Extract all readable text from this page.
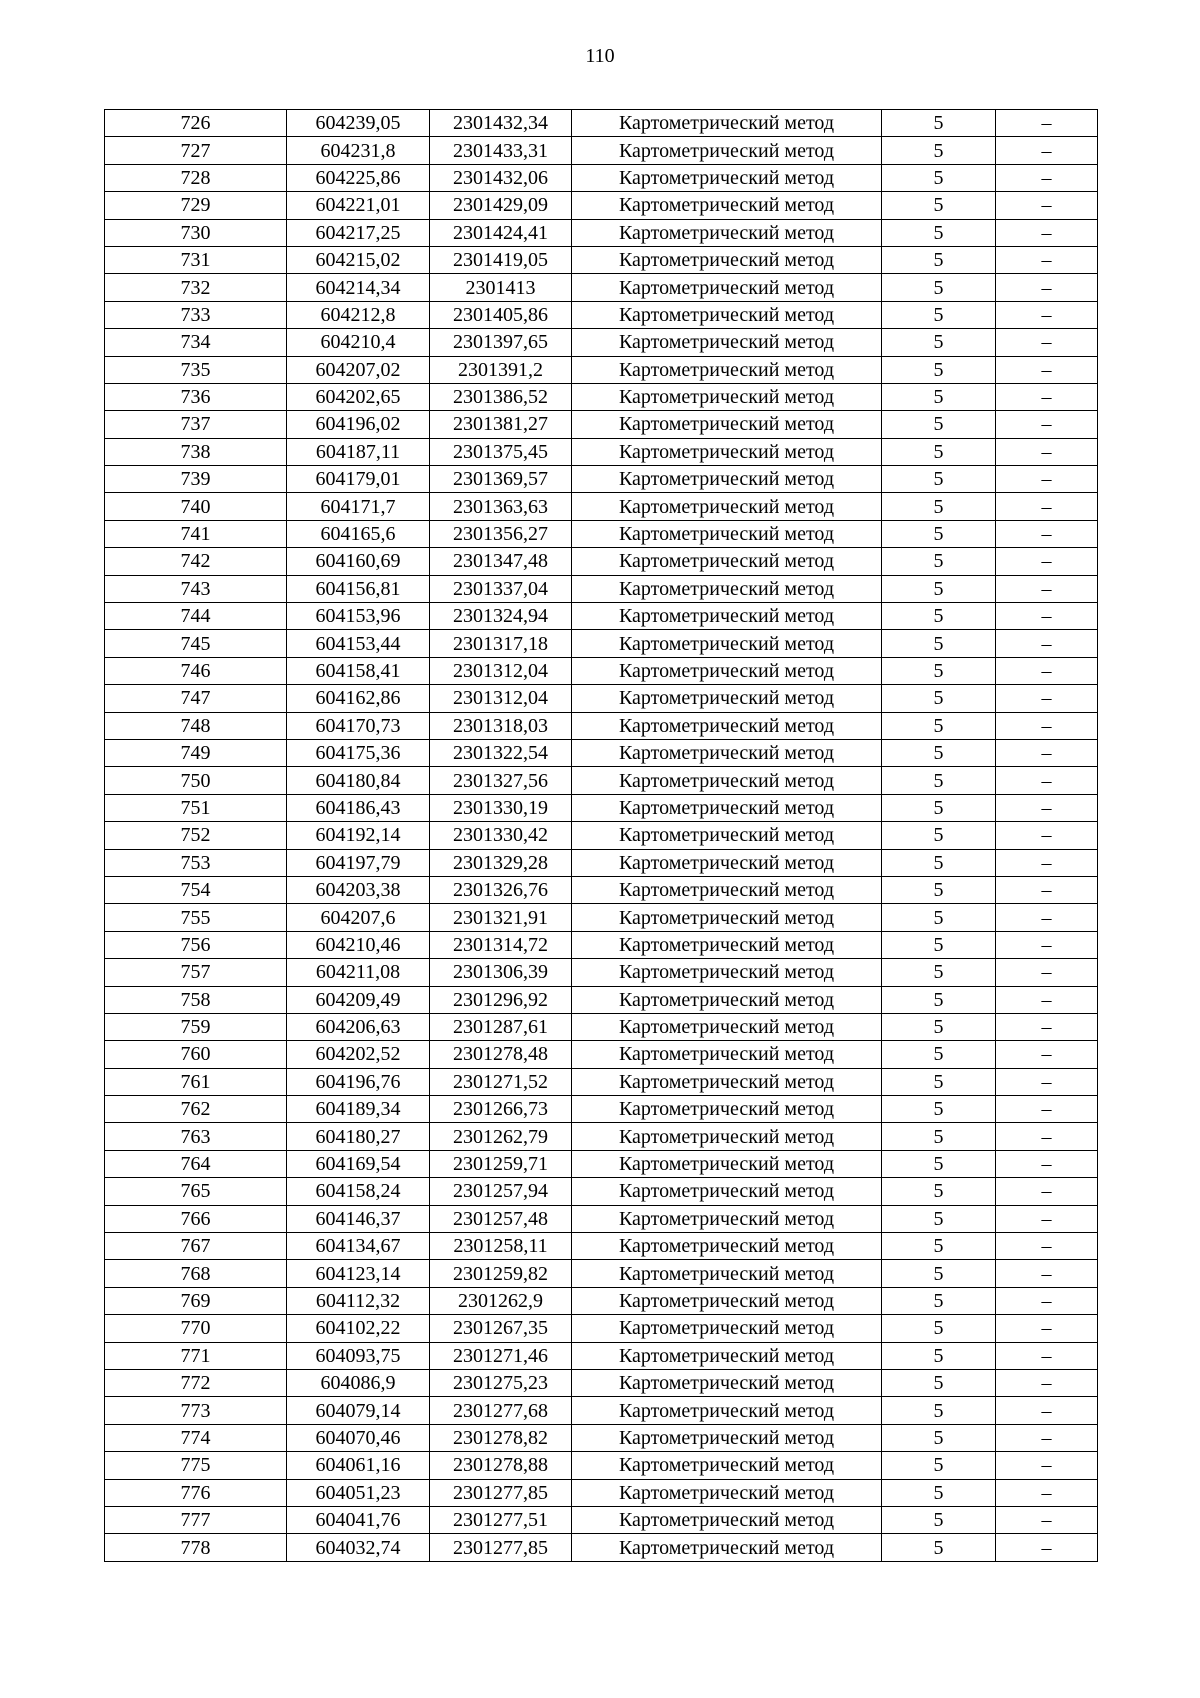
110
726	604239,05	2301432,34	Картометрический метод	5	–
727	604231,8	2301433,31	Картометрический метод	5	–
728	604225,86	2301432,06	Картометрический метод	5	–
729	604221,01	2301429,09	Картометрический метод	5	–
730	604217,25	2301424,41	Картометрический метод	5	–
731	604215,02	2301419,05	Картометрический метод	5	–
732	604214,34	2301413	Картометрический метод	5	–
733	604212,8	2301405,86	Картометрический метод	5	–
734	604210,4	2301397,65	Картометрический метод	5	–
735	604207,02	2301391,2	Картометрический метод	5	–
736	604202,65	2301386,52	Картометрический метод	5	–
737	604196,02	2301381,27	Картометрический метод	5	–
738	604187,11	2301375,45	Картометрический метод	5	–
739	604179,01	2301369,57	Картометрический метод	5	–
740	604171,7	2301363,63	Картометрический метод	5	–
741	604165,6	2301356,27	Картометрический метод	5	–
742	604160,69	2301347,48	Картометрический метод	5	–
743	604156,81	2301337,04	Картометрический метод	5	–
744	604153,96	2301324,94	Картометрический метод	5	–
745	604153,44	2301317,18	Картометрический метод	5	–
746	604158,41	2301312,04	Картометрический метод	5	–
747	604162,86	2301312,04	Картометрический метод	5	–
748	604170,73	2301318,03	Картометрический метод	5	–
749	604175,36	2301322,54	Картометрический метод	5	–
750	604180,84	2301327,56	Картометрический метод	5	–
751	604186,43	2301330,19	Картометрический метод	5	–
752	604192,14	2301330,42	Картометрический метод	5	–
753	604197,79	2301329,28	Картометрический метод	5	–
754	604203,38	2301326,76	Картометрический метод	5	–
755	604207,6	2301321,91	Картометрический метод	5	–
756	604210,46	2301314,72	Картометрический метод	5	–
757	604211,08	2301306,39	Картометрический метод	5	–
758	604209,49	2301296,92	Картометрический метод	5	–
759	604206,63	2301287,61	Картометрический метод	5	–
760	604202,52	2301278,48	Картометрический метод	5	–
761	604196,76	2301271,52	Картометрический метод	5	–
762	604189,34	2301266,73	Картометрический метод	5	–
763	604180,27	2301262,79	Картометрический метод	5	–
764	604169,54	2301259,71	Картометрический метод	5	–
765	604158,24	2301257,94	Картометрический метод	5	–
766	604146,37	2301257,48	Картометрический метод	5	–
767	604134,67	2301258,11	Картометрический метод	5	–
768	604123,14	2301259,82	Картометрический метод	5	–
769	604112,32	2301262,9	Картометрический метод	5	–
770	604102,22	2301267,35	Картометрический метод	5	–
771	604093,75	2301271,46	Картометрический метод	5	–
772	604086,9	2301275,23	Картометрический метод	5	–
773	604079,14	2301277,68	Картометрический метод	5	–
774	604070,46	2301278,82	Картометрический метод	5	–
775	604061,16	2301278,88	Картометрический метод	5	–
776	604051,23	2301277,85	Картометрический метод	5	–
777	604041,76	2301277,51	Картометрический метод	5	–
778	604032,74	2301277,85	Картометрический метод	5	–
